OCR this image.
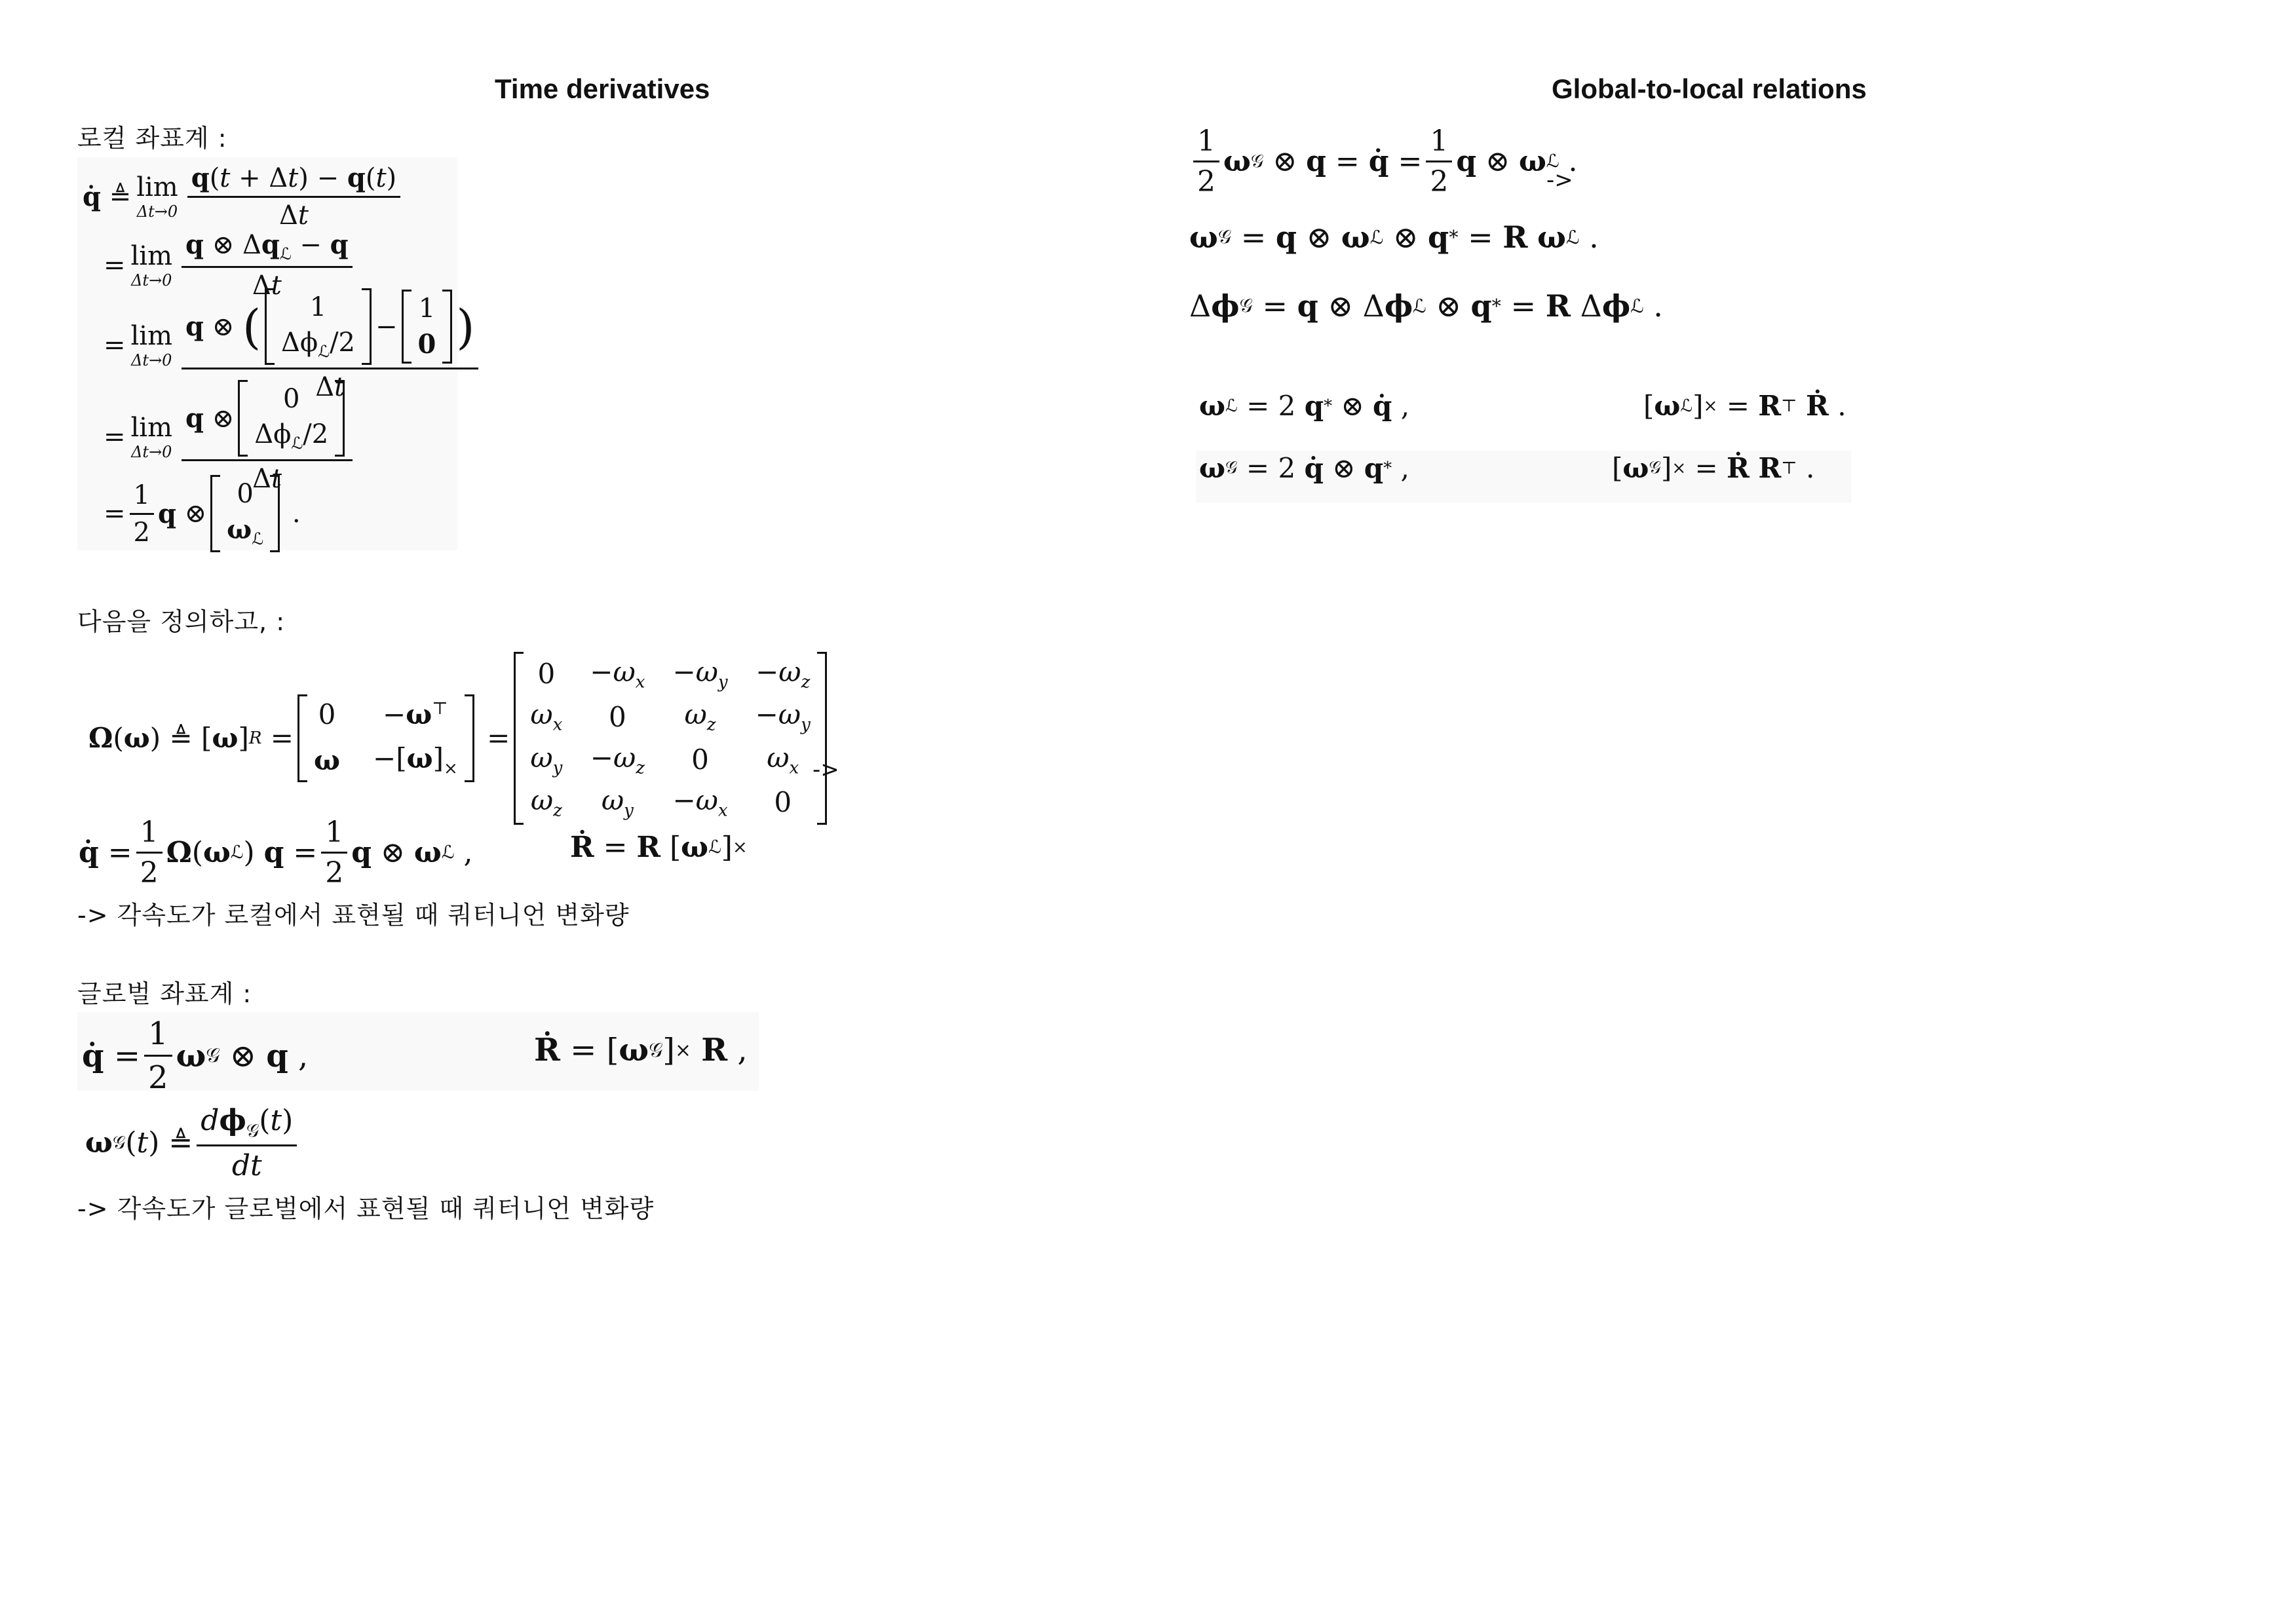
Time derivatives
로컬 좌표계 :
q̇
≜ lim
$\Delta t\to 0 \frac{q(t + \Delta t) - q(t)}{\Delta t}$
= lim
$\Delta t\to 0 \frac{q \otimes \Delta q_ℒ - q}{\Delta t}$
= lim
Δt→0 q ⊗ ( 1
$\Delta\phi_ℒ/2$
−
1
0 )
Δt
= lim
Δt→0 q ⊗
0
$\Delta\phi_ℒ/2$
Δt
= $\frac{1}{2}$ q ⊗
0
$\omega_ℒ$
.
다음을 정의하고, :
Ω ( ω ) ≜ [ ω ] R =
0 −ω⊤
$\omega -[\omega]_\times$
=
$0 -\omega_x -\omega_y -\omega_z$
$\omega_x$ 0 $\omega_z -\omega_y$
$\omega_y -\omega_z$ 0 $\omega_x$
$\omega_z$ $\omega_y -\omega_x$ 0
->
q̇ = $\frac{1}{2}$ Ω ( ω ℒ ) $q = \frac{1}{2}$ q ⊗ ω ℒ ,	Ṙ = R [ ω ℒ ] ×
-> 각속도가 로컬에서 표현될 때 쿼터니언 변화량
글로벌 좌표계 :
q̇ = $\frac{1}{2}$ ω 𝒢 ⊗ q ,	Ṙ = [ ω 𝒢 ] ×
R ,
ω 𝒢 ( t ) ≜ $\frac{d\phi_𝒢(t)}{dt}$
-> 각속도가 글로벌에서 표현될 때 쿼터니언 변화량
Global-to-local relations
$\frac{1}{2}$ ω 𝒢 ⊗ q = q̇ = $\frac{1}{2}$ q ⊗ ω ℒ .
->
ω 𝒢 = q ⊗ ω ℒ ⊗ q * = R
ω ℒ .
Δ ϕ 𝒢 = q ⊗ Δ ϕ ℒ ⊗ q * = R Δ ϕ ℒ .
ω ℒ = 2 q * ⊗ q̇ ,	[ ω ℒ ] × = R ⊤
Ṙ .
ω 𝒢 = 2 q̇ ⊗ q * ,	[ ω 𝒢 ] × = Ṙ
R ⊤ .
